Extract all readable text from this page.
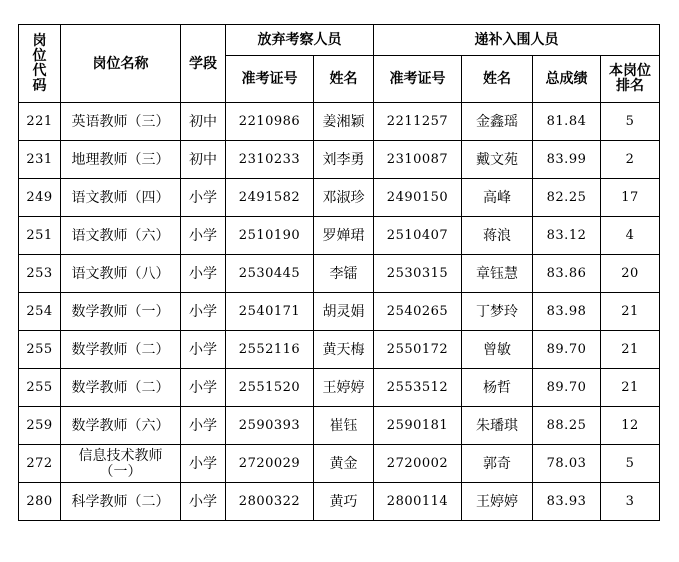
岗位代码	岗位名称	学段	放弃考察人员		递补入围人员			
			准考证号	姓名	准考证号	姓名	总成绩	本岗位排名
221	英语教师（三）	初中	2210986	姜湘颖	2211257	金鑫瑶	81.84	5
231	地理教师（三）	初中	2310233	刘李勇	2310087	戴文苑	83.99	2
249	语文教师（四）	小学	2491582	邓淑珍	2490150	高峰	82.25	17
251	语文教师（六）	小学	2510190	罗婵珺	2510407	蒋浪	83.12	4
253	语文教师（八）	小学	2530445	李镭	2530315	章钰慧	83.86	20
254	数学教师（一）	小学	2540171	胡灵娟	2540265	丁梦玲	83.98	21
255	数学教师（二）	小学	2552116	黄天梅	2550172	曾敏	89.70	21
255	数学教师（二）	小学	2551520	王婷婷	2553512	杨哲	89.70	21
259	数学教师（六）	小学	2590393	崔钰	2590181	朱璠琪	88.25	12
272	信息技术教师（一）	小学	2720029	黄金	2720002	郭奇	78.03	5
280	科学教师（二）	小学	2800322	黄巧	2800114	王婷婷	83.93	3
